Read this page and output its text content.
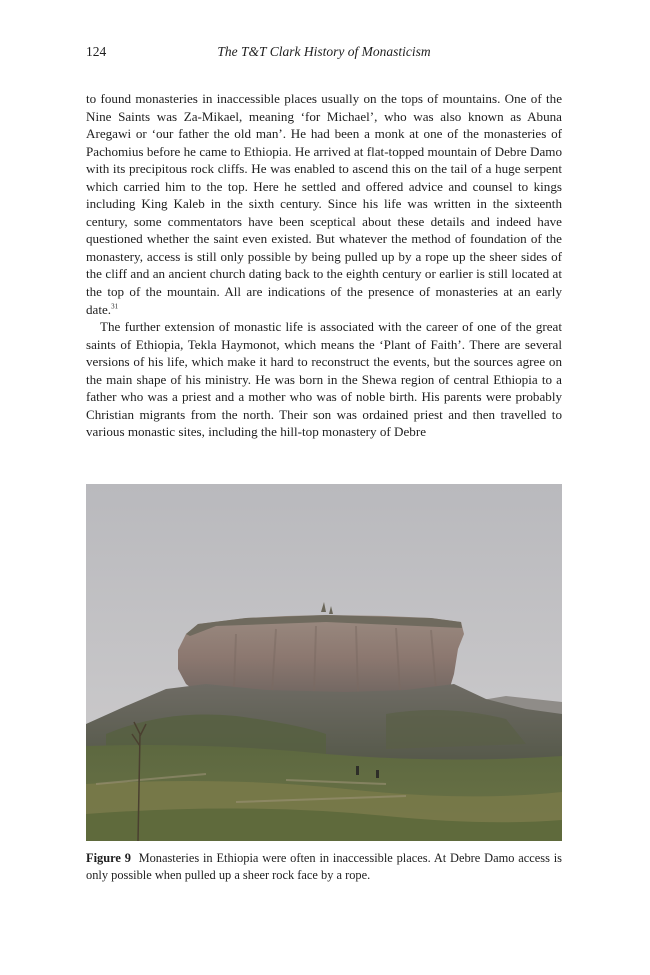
124	The T&T Clark History of Monasticism

to found monasteries in inaccessible places usually on the tops of mountains. One of the Nine Saints was Za-Mikael, meaning ‘for Michael’, who was also known as Abuna Aregawi or ‘our father the old man’. He had been a monk at one of the monasteries of Pachomius before he came to Ethiopia. He arrived at flat-topped mountain of Debre Damo with its precipitous rock cliffs. He was enabled to ascend this on the tail of a huge serpent which carried him to the top. Here he settled and offered advice and counsel to kings including King Kaleb in the sixth century. Since his life was written in the sixteenth century, some commentators have been sceptical about these details and indeed have questioned whether the saint even existed. But whatever the method of foundation of the monastery, access is still only possible by being pulled up by a rope up the sheer sides of the cliff and an ancient church dating back to the eighth century or earlier is still located at the top of the mountain. All are indications of the presence of monasteries at an early date.$^{31}$

The further extension of monastic life is associated with the career of one of the great saints of Ethiopia, Tekla Haymonot, which means the ‘Plant of Faith’. There are several versions of his life, which make it hard to reconstruct the events, but the sources agree on the main shape of his ministry. He was born in the Shewa region of central Ethiopia to a father who was a priest and a mother who was of noble birth. His parents were probably Christian migrants from the north. Their son was ordained priest and then travelled to various monastic sites, including the hill-top monastery of Debre

Figure 9 Monasteries in Ethiopia were often in inaccessible places. At Debre Damo access is only possible when pulled up a sheer rock face by a rope.
